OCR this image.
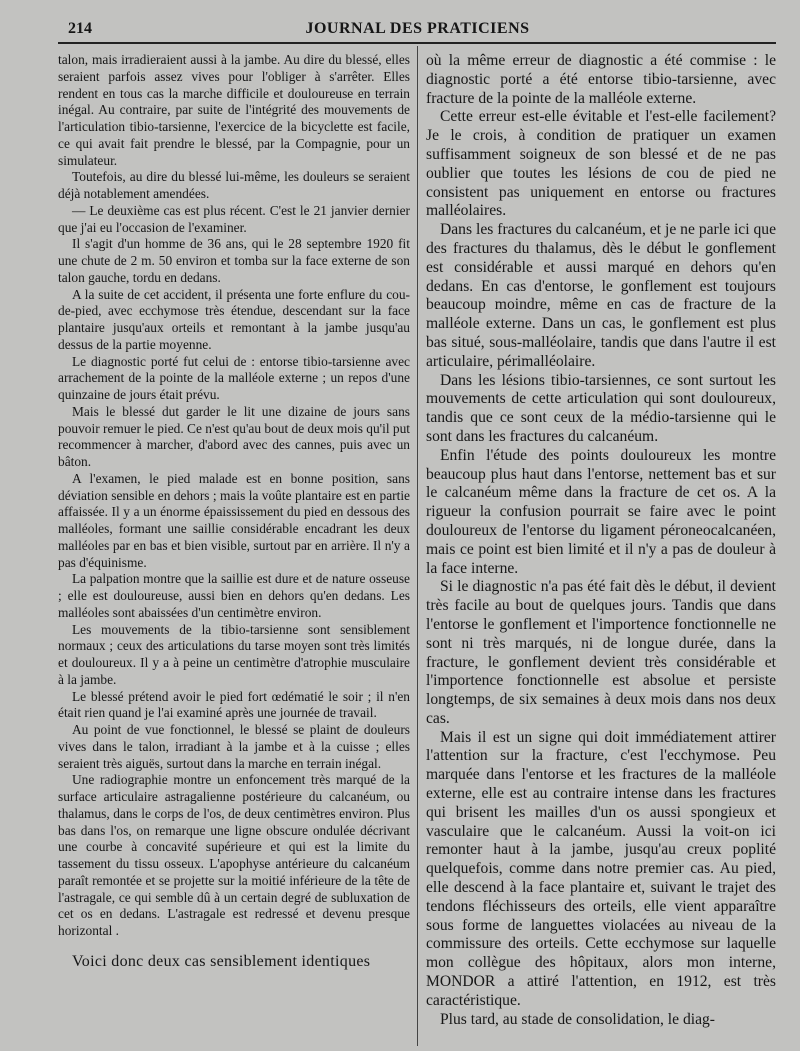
214	JOURNAL DES PRATICIENS

talon, mais irradieraient aussi à la jambe. Au dire du blessé, elles seraient parfois assez vives pour l'obliger à s'arrêter. Elles rendent en tous cas la marche difficile et douloureuse en terrain inégal. Au contraire, par suite de l'intégrité des mouvements de l'articulation tibio-tarsienne, l'exercice de la bicyclette est facile, ce qui avait fait prendre le blessé, par la Compagnie, pour un simulateur.

Toutefois, au dire du blessé lui-même, les douleurs se seraient déjà notablement amendées.

— Le deuxième cas est plus récent. C'est le 21 janvier dernier que j'ai eu l'occasion de l'examiner.

Il s'agit d'un homme de 36 ans, qui le 28 septembre 1920 fit une chute de 2 m. 50 environ et tomba sur la face externe de son talon gauche, tordu en dedans.

A la suite de cet accident, il présenta une forte enflure du cou-de-pied, avec ecchymose très étendue, descendant sur la face plantaire jusqu'aux orteils et remontant à la jambe jusqu'au dessus de la partie moyenne.

Le diagnostic porté fut celui de : entorse tibio-tarsienne avec arrachement de la pointe de la malléole externe ; un repos d'une quinzaine de jours était prévu.

Mais le blessé dut garder le lit une dizaine de jours sans pouvoir remuer le pied. Ce n'est qu'au bout de deux mois qu'il put recommencer à marcher, d'abord avec des cannes, puis avec un bâton.

A l'examen, le pied malade est en bonne position, sans déviation sensible en dehors ; mais la voûte plantaire est en partie affaissée. Il y a un énorme épaississement du pied en dessous des malléoles, formant une saillie considérable encadrant les deux malléoles par en bas et bien visible, surtout par en arrière. Il n'y a pas d'équinisme.

La palpation montre que la saillie est dure et de nature osseuse ; elle est douloureuse, aussi bien en dehors qu'en dedans. Les malléoles sont abaissées d'un centimètre environ.

Les mouvements de la tibio-tarsienne sont sensiblement normaux ; ceux des articulations du tarse moyen sont très limités et douloureux. Il y a à peine un centimètre d'atrophie musculaire à la jambe.

Le blessé prétend avoir le pied fort œdématié le soir ; il n'en était rien quand je l'ai examiné après une journée de travail.

Au point de vue fonctionnel, le blessé se plaint de douleurs vives dans le talon, irradiant à la jambe et à la cuisse ; elles seraient très aiguës, surtout dans la marche en terrain inégal.

Une radiographie montre un enfoncement très marqué de la surface articulaire astragalienne postérieure du calcanéum, ou thalamus, dans le corps de l'os, de deux centimètres environ. Plus bas dans l'os, on remarque une ligne obscure ondulée décrivant une courbe à concavité supérieure et qui est la limite du tassement du tissu osseux. L'apophyse antérieure du calcanéum paraît remontée et se projette sur la moitié inférieure de la tête de l'astragale, ce qui semble dû à un certain degré de subluxation de cet os en dedans. L'astragale est redressé et devenu presque horizontal .

Voici donc deux cas sensiblement identiques

où la même erreur de diagnostic a été commise : le diagnostic porté a été entorse tibio-tarsienne, avec fracture de la pointe de la malléole externe.

Cette erreur est-elle évitable et l'est-elle facilement? Je le crois, à condition de pratiquer un examen suffisamment soigneux de son blessé et de ne pas oublier que toutes les lésions de cou de pied ne consistent pas uniquement en entorse ou fractures malléolaires.

Dans les fractures du calcanéum, et je ne parle ici que des fractures du thalamus, dès le début le gonflement est considérable et aussi marqué en dehors qu'en dedans. En cas d'entorse, le gonflement est toujours beaucoup moindre, même en cas de fracture de la malléole externe. Dans un cas, le gonflement est plus bas situé, sous-malléolaire, tandis que dans l'autre il est articulaire, périmalléolaire.

Dans les lésions tibio-tarsiennes, ce sont surtout les mouvements de cette articulation qui sont douloureux, tandis que ce sont ceux de la médio-tarsienne qui le sont dans les fractures du calcanéum.

Enfin l'étude des points douloureux les montre beaucoup plus haut dans l'entorse, nettement bas et sur le calcanéum même dans la fracture de cet os. A la rigueur la confusion pourrait se faire avec le point douloureux de l'entorse du ligament péroneocalcanéen, mais ce point est bien limité et il n'y a pas de douleur à la face interne.

Si le diagnostic n'a pas été fait dès le début, il devient très facile au bout de quelques jours. Tandis que dans l'entorse le gonflement et l'importence fonctionnelle ne sont ni très marqués, ni de longue durée, dans la fracture, le gonflement devient très considérable et l'importence fonctionnelle est absolue et persiste longtemps, de six semaines à deux mois dans nos deux cas.

Mais il est un signe qui doit immédiatement attirer l'attention sur la fracture, c'est l'ecchymose. Peu marquée dans l'entorse et les fractures de la malléole externe, elle est au contraire intense dans les fractures qui brisent les mailles d'un os aussi spongieux et vasculaire que le calcanéum. Aussi la voit-on ici remonter haut à la jambe, jusqu'au creux poplité quelquefois, comme dans notre premier cas. Au pied, elle descend à la face plantaire et, suivant le trajet des tendons fléchisseurs des orteils, elle vient apparaître sous forme de languettes violacées au niveau de la commissure des orteils. Cette ecchymose sur laquelle mon collègue des hôpitaux, alors mon interne, MONDOR a attiré l'attention, en 1912, est très caractéristique.

Plus tard, au stade de consolidation, le diag-
